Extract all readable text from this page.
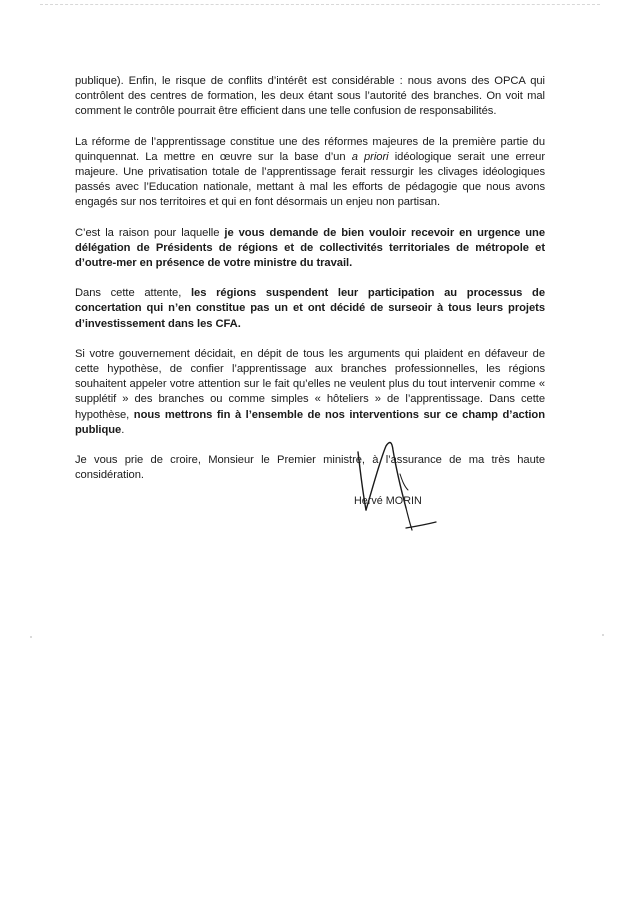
publique). Enfin, le risque de conflits d’intérêt est considérable : nous avons des OPCA qui contrôlent des centres de formation, les deux étant sous l’autorité des branches. On voit mal comment le contrôle pourrait être efficient dans une telle confusion de responsabilités.

La réforme de l’apprentissage constitue une des réformes majeures de la première partie du quinquennat. La mettre en œuvre sur la base d’un a priori idéologique serait une erreur majeure. Une privatisation totale de l’apprentissage ferait ressurgir les clivages idéologiques passés avec l’Education nationale, mettant à mal les efforts de pédagogie que nous avons engagés sur nos territoires et qui en font désormais un enjeu non partisan.

C’est la raison pour laquelle je vous demande de bien vouloir recevoir en urgence une délégation de Présidents de régions et de collectivités territoriales de métropole et d’outre-mer en présence de votre ministre du travail.

Dans cette attente, les régions suspendent leur participation au processus de concertation qui n’en constitue pas un et ont décidé de surseoir à tous leurs projets d’investissement dans les CFA.

Si votre gouvernement décidait, en dépit de tous les arguments qui plaident en défaveur de cette hypothèse, de confier l’apprentissage aux branches professionnelles, les régions souhaitent appeler votre attention sur le fait qu’elles ne veulent plus du tout intervenir comme « supplétif » des branches ou comme simples « hôteliers » de l’apprentissage. Dans cette hypothèse, nous mettrons fin à l’ensemble de nos interventions sur ce champ d’action publique.

Je vous prie de croire, Monsieur le Premier ministre, à l’assurance de ma très haute considération.

Hervé MORIN
